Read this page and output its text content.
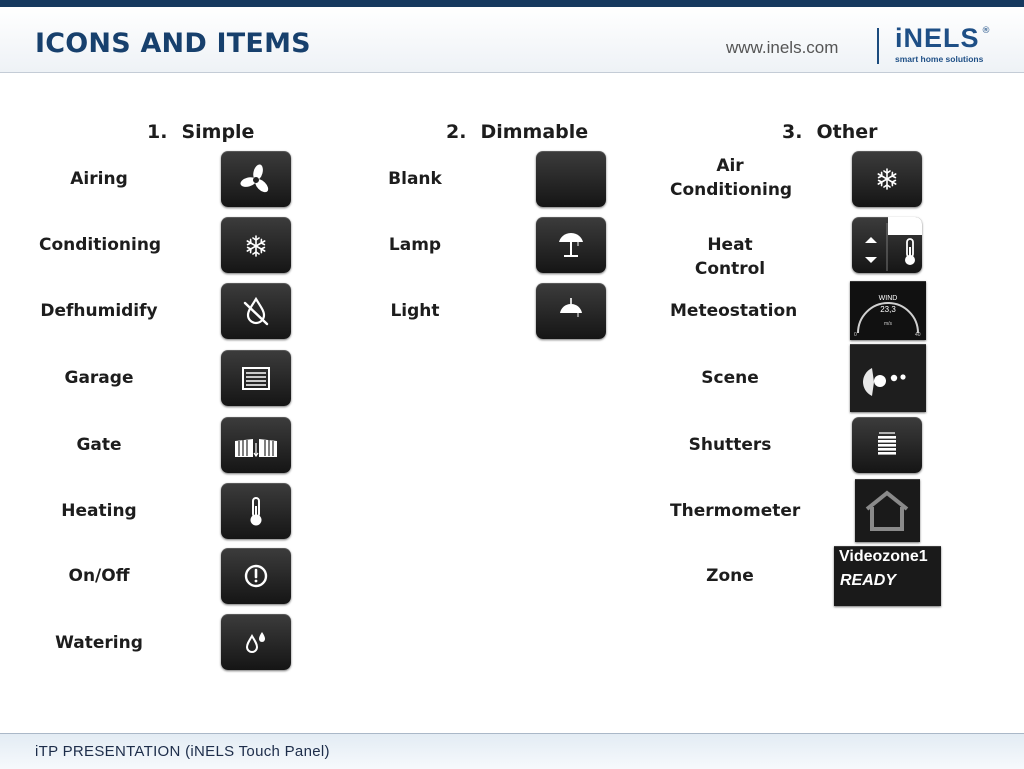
ICONS AND ITEMS	www.inels.com iNELS ®
smart home solutions
1. Simple	2. Dimmable	3. Other
Airing
Conditioning
Defhumidify
Garage
Gate
Heating
On/Off
Watering
Blank
Lamp
Light
Air Conditioning
Heat Control
Meteostation
WIND
23,3
m/s
0	40
Scene
Shutters
Thermometer
Zone
Videozone1
READY
iTP PRESENTATION (iNELS Touch Panel)
